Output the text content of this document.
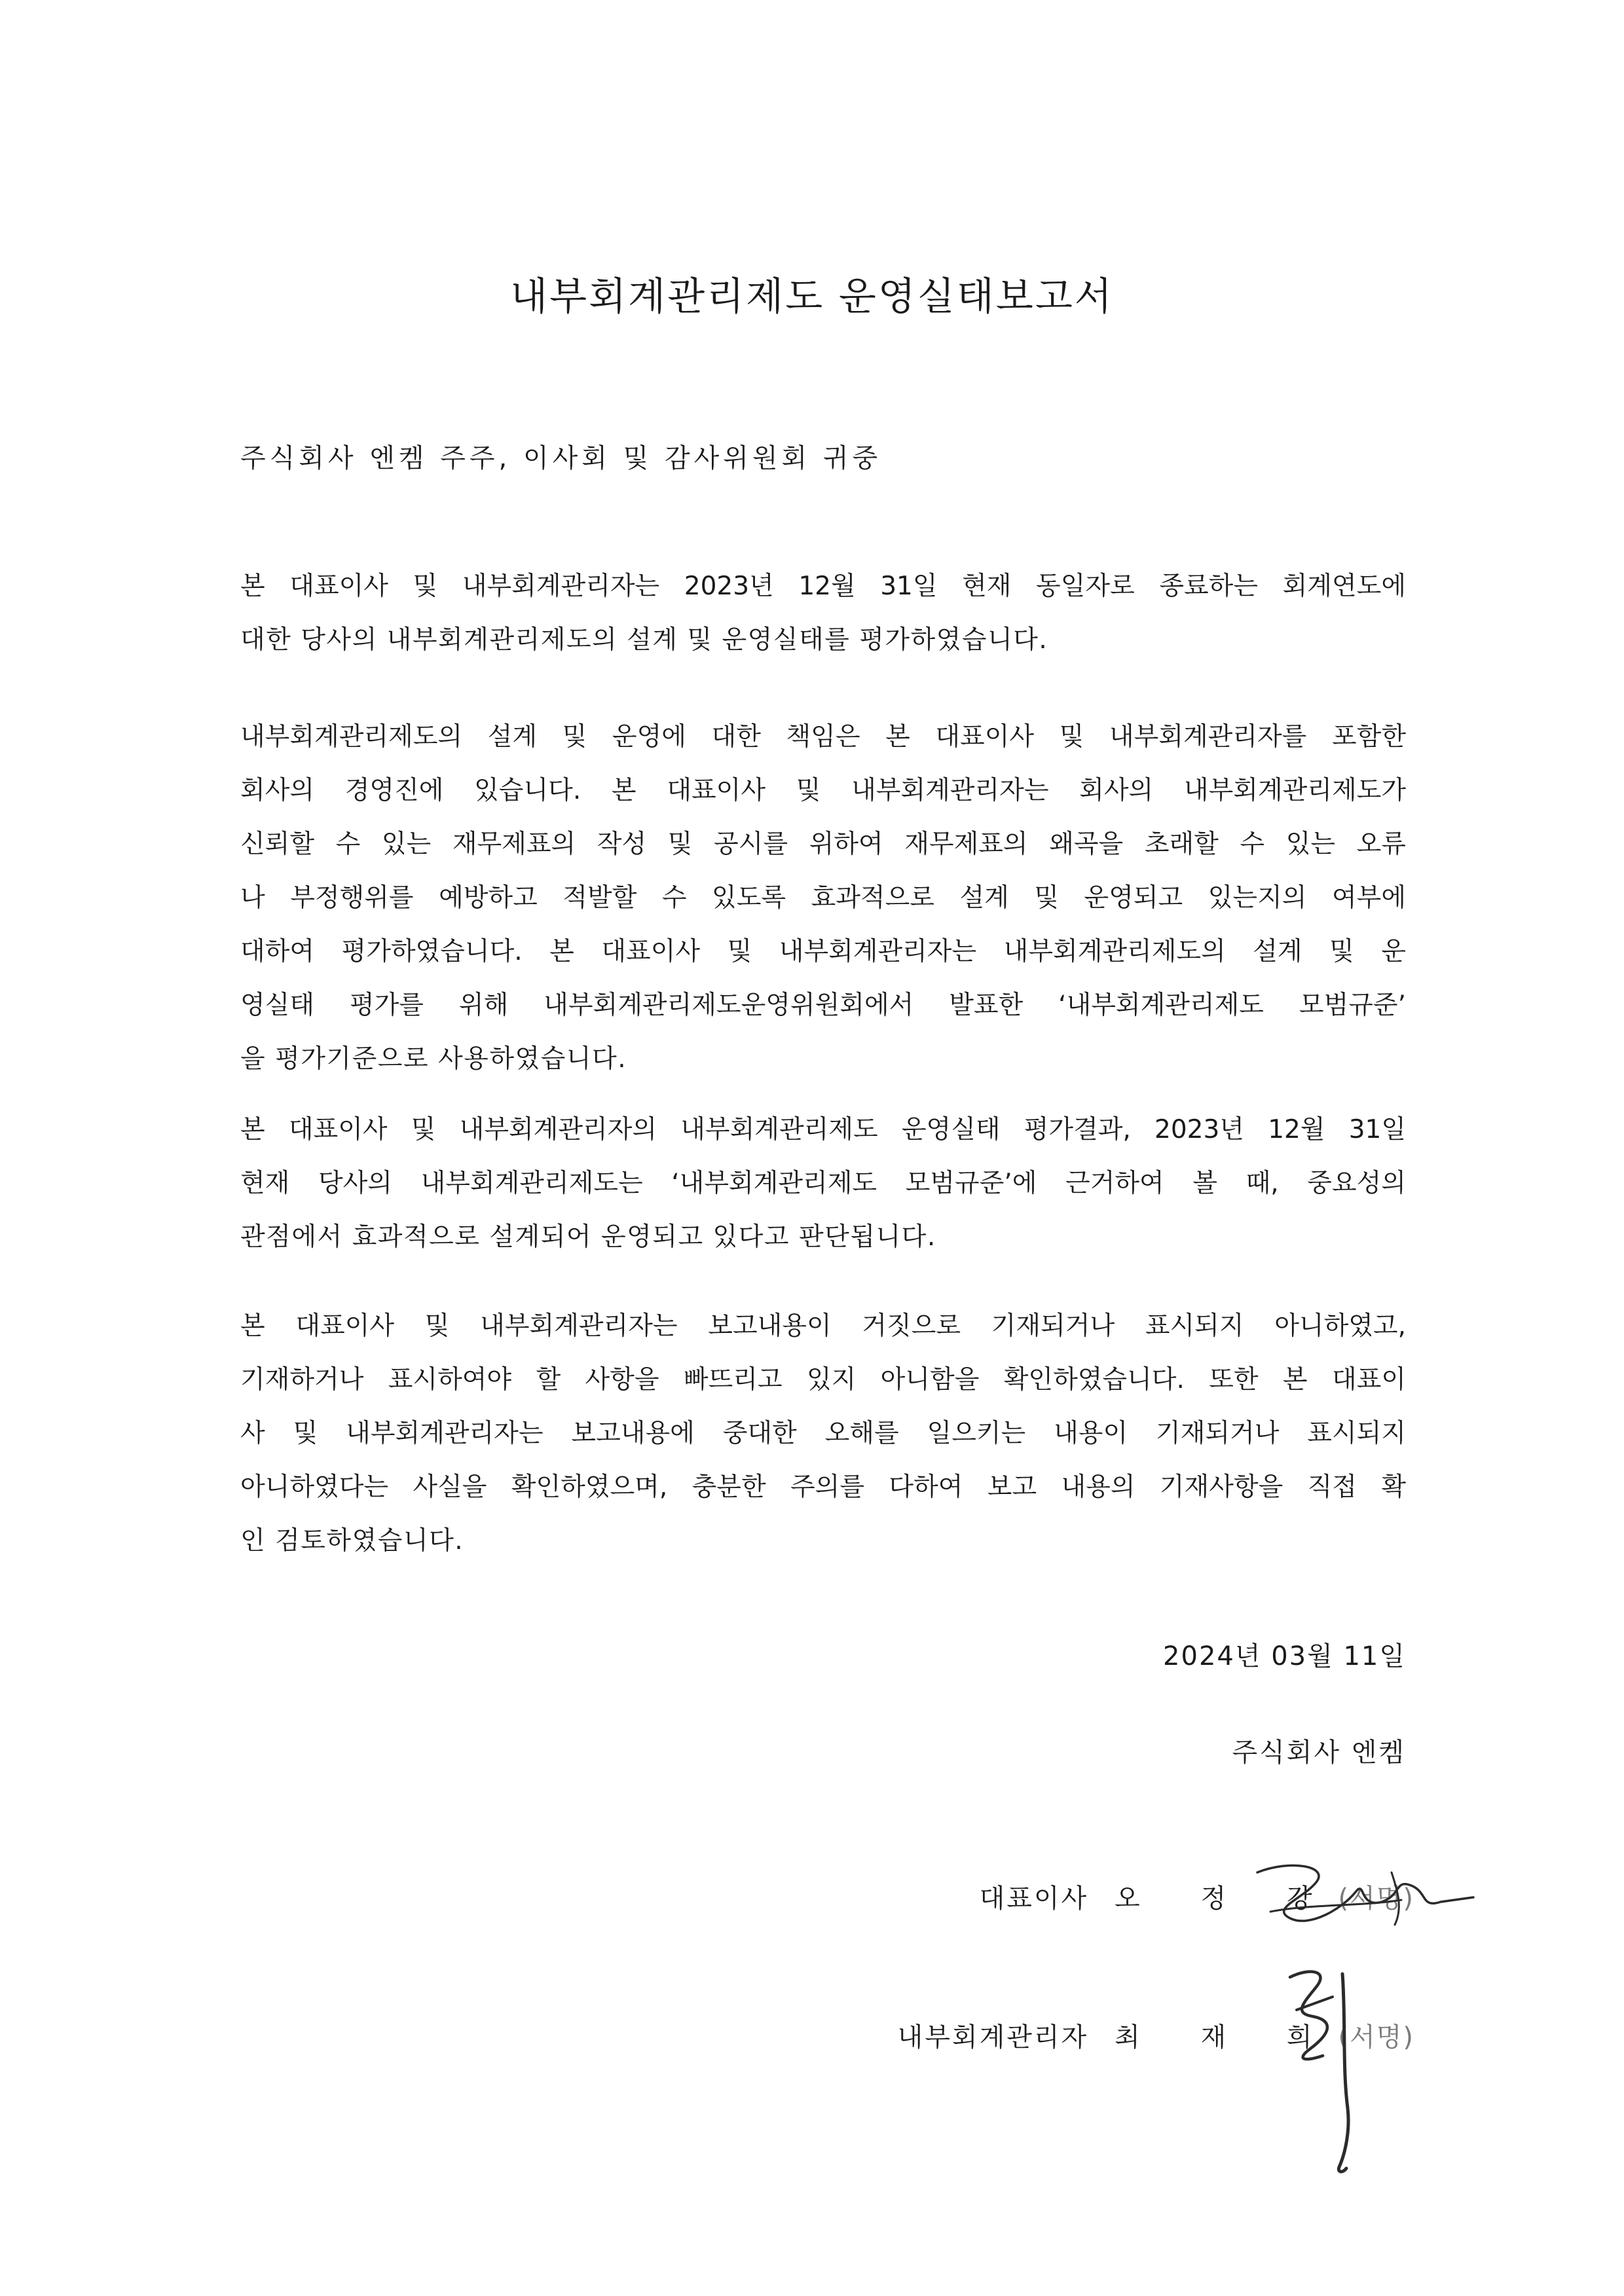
내부회계관리제도 운영실태보고서

주식회사 엔켐 주주, 이사회 및 감사위원회 귀중

본 대표이사 및 내부회계관리자는 2023년 12월 31일 현재 동일자로 종료하는 회계연도에
대한 당사의 내부회계관리제도의 설계 및 운영실태를 평가하였습니다.

내부회계관리제도의 설계 및 운영에 대한 책임은 본 대표이사 및 내부회계관리자를 포함한
회사의 경영진에 있습니다. 본 대표이사 및 내부회계관리자는 회사의 내부회계관리제도가
신뢰할 수 있는 재무제표의 작성 및 공시를 위하여 재무제표의 왜곡을 초래할 수 있는 오류
나 부정행위를 예방하고 적발할 수 있도록 효과적으로 설계 및 운영되고 있는지의 여부에
대하여 평가하였습니다. 본 대표이사 및 내부회계관리자는 내부회계관리제도의 설계 및 운
영실태 평가를 위해 내부회계관리제도운영위원회에서 발표한 ‘내부회계관리제도 모범규준’
을 평가기준으로 사용하였습니다.

본 대표이사 및 내부회계관리자의 내부회계관리제도 운영실태 평가결과, 2023년 12월 31일
현재 당사의 내부회계관리제도는 ‘내부회계관리제도 모범규준’에 근거하여 볼 때, 중요성의
관점에서 효과적으로 설계되어 운영되고 있다고 판단됩니다.

본 대표이사 및 내부회계관리자는 보고내용이 거짓으로 기재되거나 표시되지 아니하였고,
기재하거나 표시하여야 할 사항을 빠뜨리고 있지 아니함을 확인하였습니다. 또한 본 대표이
사 및 내부회계관리자는 보고내용에 중대한 오해를 일으키는 내용이 기재되거나 표시되지
아니하였다는 사실을 확인하였으며, 충분한 주의를 다하여 보고 내용의 기재사항을 직접 확
인 검토하였습니다.

2024년 03월 11일

주식회사 엔켐

대표이사 오 정 강(서명)
내부회계관리자 최 재 희(서명)
